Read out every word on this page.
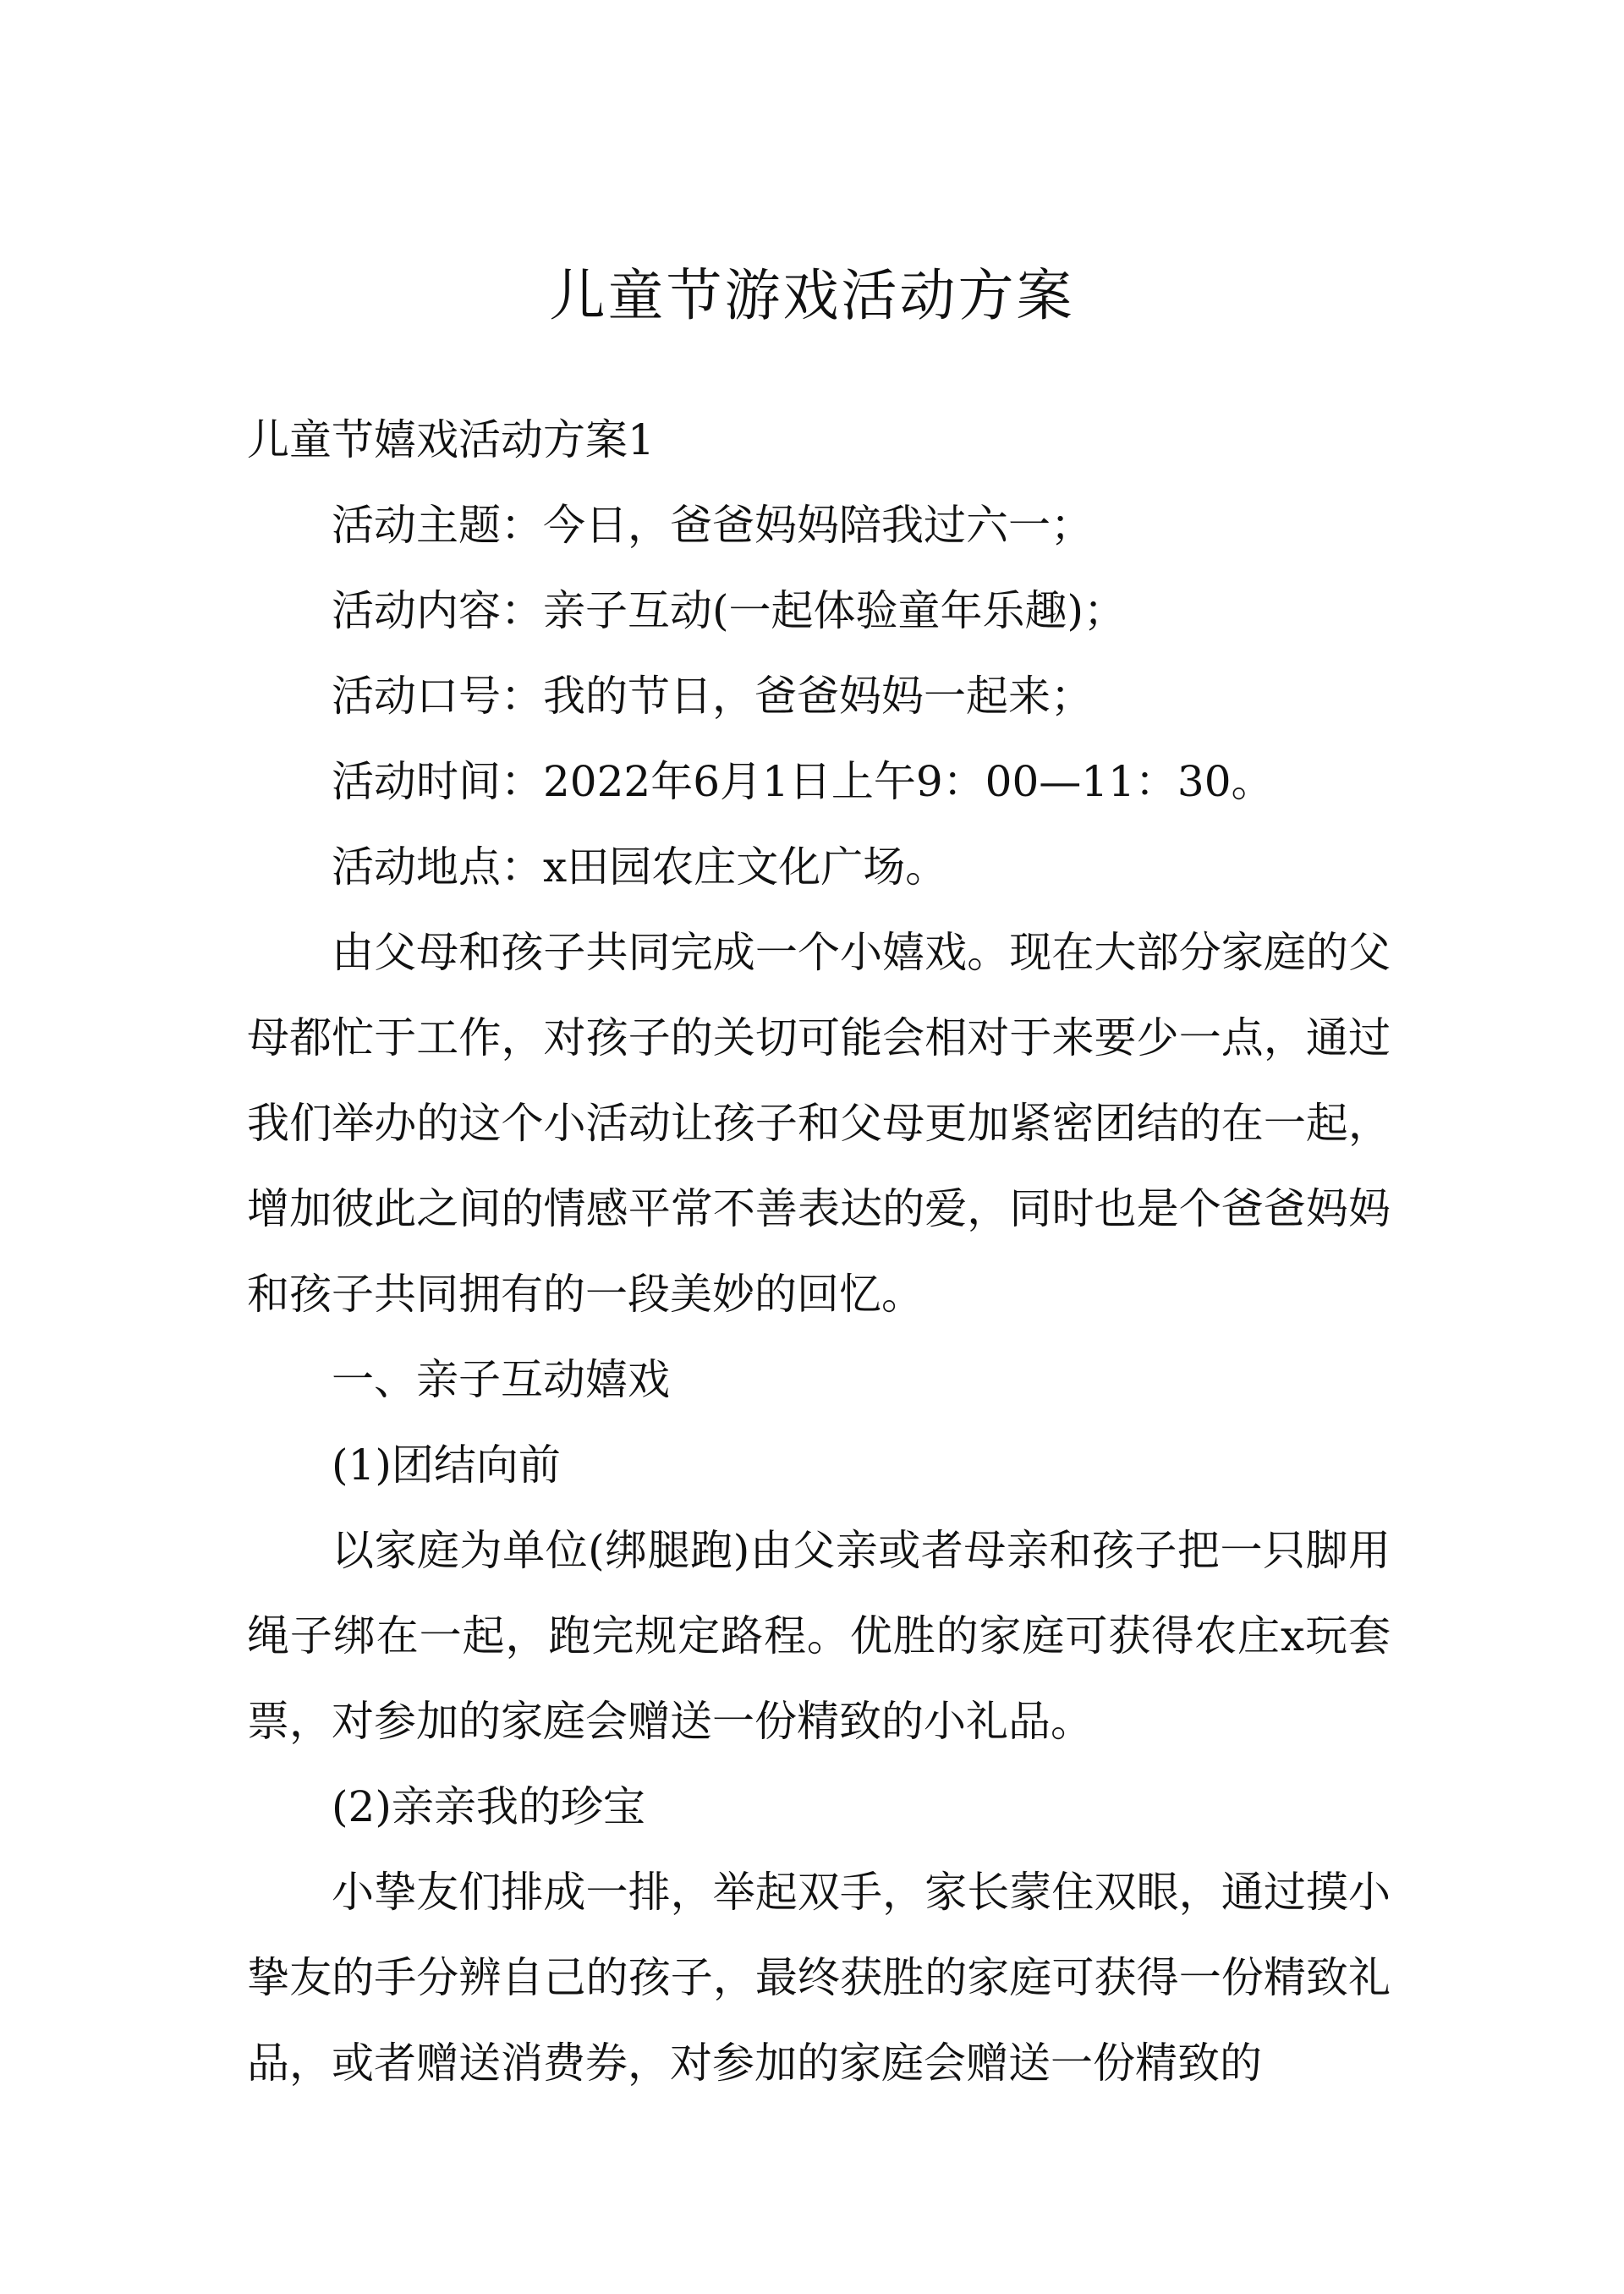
儿童节游戏活动方案

儿童节嬉戏活动方案1

活动主题：今日，爸爸妈妈陪我过六一；

活动内容：亲子互动(一起体验童年乐趣)；

活动口号：我的节日，爸爸妈妈一起来；

活动时间：2022年6月1日上午9：00—11：30。

活动地点：x田园农庄文化广场。

由父母和孩子共同完成一个小嬉戏。现在大部分家庭的父母都忙于工作，对孩子的关切可能会相对于来要少一点，通过我们举办的这个小活动让孩子和父母更加紧密团结的在一起，增加彼此之间的情感平常不善表达的爱，同时也是个爸爸妈妈和孩子共同拥有的一段美妙的回忆。

一、亲子互动嬉戏

(1)团结向前

以家庭为单位(绑腿跑)由父亲或者母亲和孩子把一只脚用绳子绑在一起，跑完规定路程。优胜的家庭可获得农庄x玩套票，对参加的家庭会赠送一份精致的小礼品。

(2)亲亲我的珍宝

小挚友们排成一排，举起双手，家长蒙住双眼，通过摸小挚友的手分辨自己的孩子，最终获胜的家庭可获得一份精致礼品，或者赠送消费券，对参加的家庭会赠送一份精致的
